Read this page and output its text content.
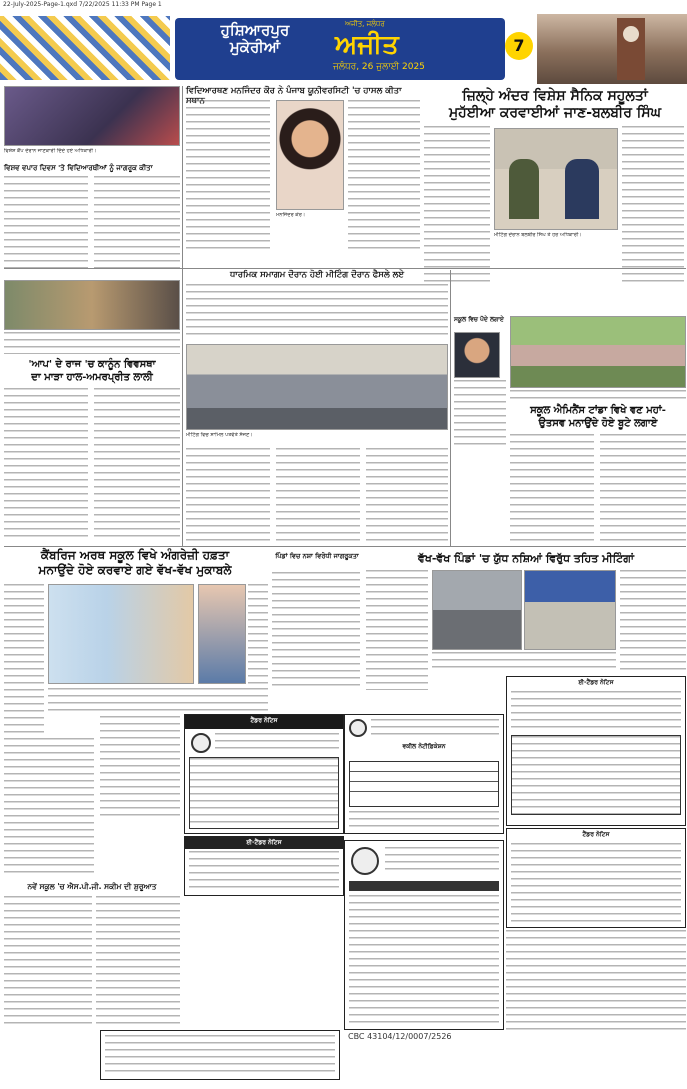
22-July-2025-Page-1.qxd 7/22/2025 11:33 PM Page 1
ਹੁਸ਼ਿਆਰਪੁਰ
ਮੁਕੇਰੀਆਂ
ਅਜੀਤ, ਜਲੰਧਰ
ਅਜੀਤ
ਜਲੰਧਰ, 26 ਜੁਲਾਈ 2025
7
ਵਿਸ਼ੇਸ਼ ਕੈਂਪ ਦੌਰਾਨ ਜਾਣਕਾਰੀ ਦਿੰਦੇ ਹੋਏ ਅਧਿਕਾਰੀ।
ਵਿਸ਼ਵ ਵਪਾਰ ਦਿਵਸ 'ਤੇ ਵਿਦਿਆਰਥੀਆਂ ਨੂੰ ਜਾਗਰੂਕ ਕੀਤਾ
ਵਿਦਿਆਰਥਣ ਮਨਜਿੰਦਰ ਕੌਰ ਨੇ ਪੰਜਾਬ ਯੂਨੀਵਰਸਿਟੀ 'ਚ ਹਾਸਲ ਕੀਤਾ ਸਥਾਨ
ਮਨਜਿੰਦਰ ਕੌਰ।
ਜ਼ਿਲ੍ਹੇ ਅੰਦਰ ਵਿਸ਼ੇਸ਼ ਸੈਨਿਕ ਸਹੂਲਤਾਂ
ਮੁਹੱਈਆ ਕਰਵਾਈਆਂ ਜਾਣ-ਬਲਬੀਰ ਸਿੰਘ
ਮੀਟਿੰਗ ਦੌਰਾਨ ਬਲਬੀਰ ਸਿੰਘ ਤੇ ਹੋਰ ਅਧਿਕਾਰੀ।
'ਆਪ' ਦੇ ਰਾਜ 'ਚ ਕਾਨੂੰਨ ਵਿਵਸਥਾ
ਦਾ ਮਾੜਾ ਹਾਲ-ਅਮਰਪ੍ਰੀਤ ਲਾਲੀ
ਧਾਰਮਿਕ ਸਮਾਗਮ ਦੌਰਾਨ ਹੋਈ ਮੀਟਿੰਗ ਦੌਰਾਨ ਫੈਸਲੇ ਲਏ
ਮੀਟਿੰਗ ਵਿਚ ਸ਼ਾਮਿਲ ਪਤਵੰਤੇ ਸੱਜਣ।
ਸਕੂਲ ਵਿਚ ਪੌਦੇ ਲਗਾਏ
ਸਕੂਲ ਐਮਿਨੈਂਸ ਟਾਂਡਾ ਵਿਖੇ ਵਣ ਮਹਾਂ-
ਉਤਸਵ ਮਨਾਉਂਦੇ ਹੋਏ ਬੂਟੇ ਲਗਾਏ
ਕੈਂਬਰਿਜ ਅਰਥ ਸਕੂਲ ਵਿਖੇ ਅੰਗਰੇਜ਼ੀ ਹਫ਼ਤਾ
ਮਨਾਉਂਦੇ ਹੋਏ ਕਰਵਾਏ ਗਏ ਵੱਖ-ਵੱਖ ਮੁਕਾਬਲੇ
ਪਿੰਡਾਂ ਵਿਚ ਨਸ਼ਾ ਵਿਰੋਧੀ ਜਾਗਰੂਕਤਾ	ਵੱਖ-ਵੱਖ ਪਿੰਡਾਂ 'ਚ ਯੁੱਧ ਨਸ਼ਿਆਂ ਵਿਰੁੱਧ ਤਹਿਤ ਮੀਟਿੰਗਾਂ
ਈ-ਟੈਂਡਰ ਨੋਟਿਸ
ਟੈਂਡਰ ਨੋਟਿਸ
ਵਕੀਲ ਨੋਟੀਫ਼ਿਕੇਸ਼ਨ
ਈ-ਟੈਂਡਰ ਨੋਟਿਸ
ਟੈਂਡਰ ਨੋਟਿਸ
ਨਵੇਂ ਸਕੂਲ 'ਚ ਐਸ.ਪੀ.ਜੀ. ਸਕੀਮ ਦੀ ਸ਼ੁਰੂਆਤ
CBC 43104/12/0007/2526
